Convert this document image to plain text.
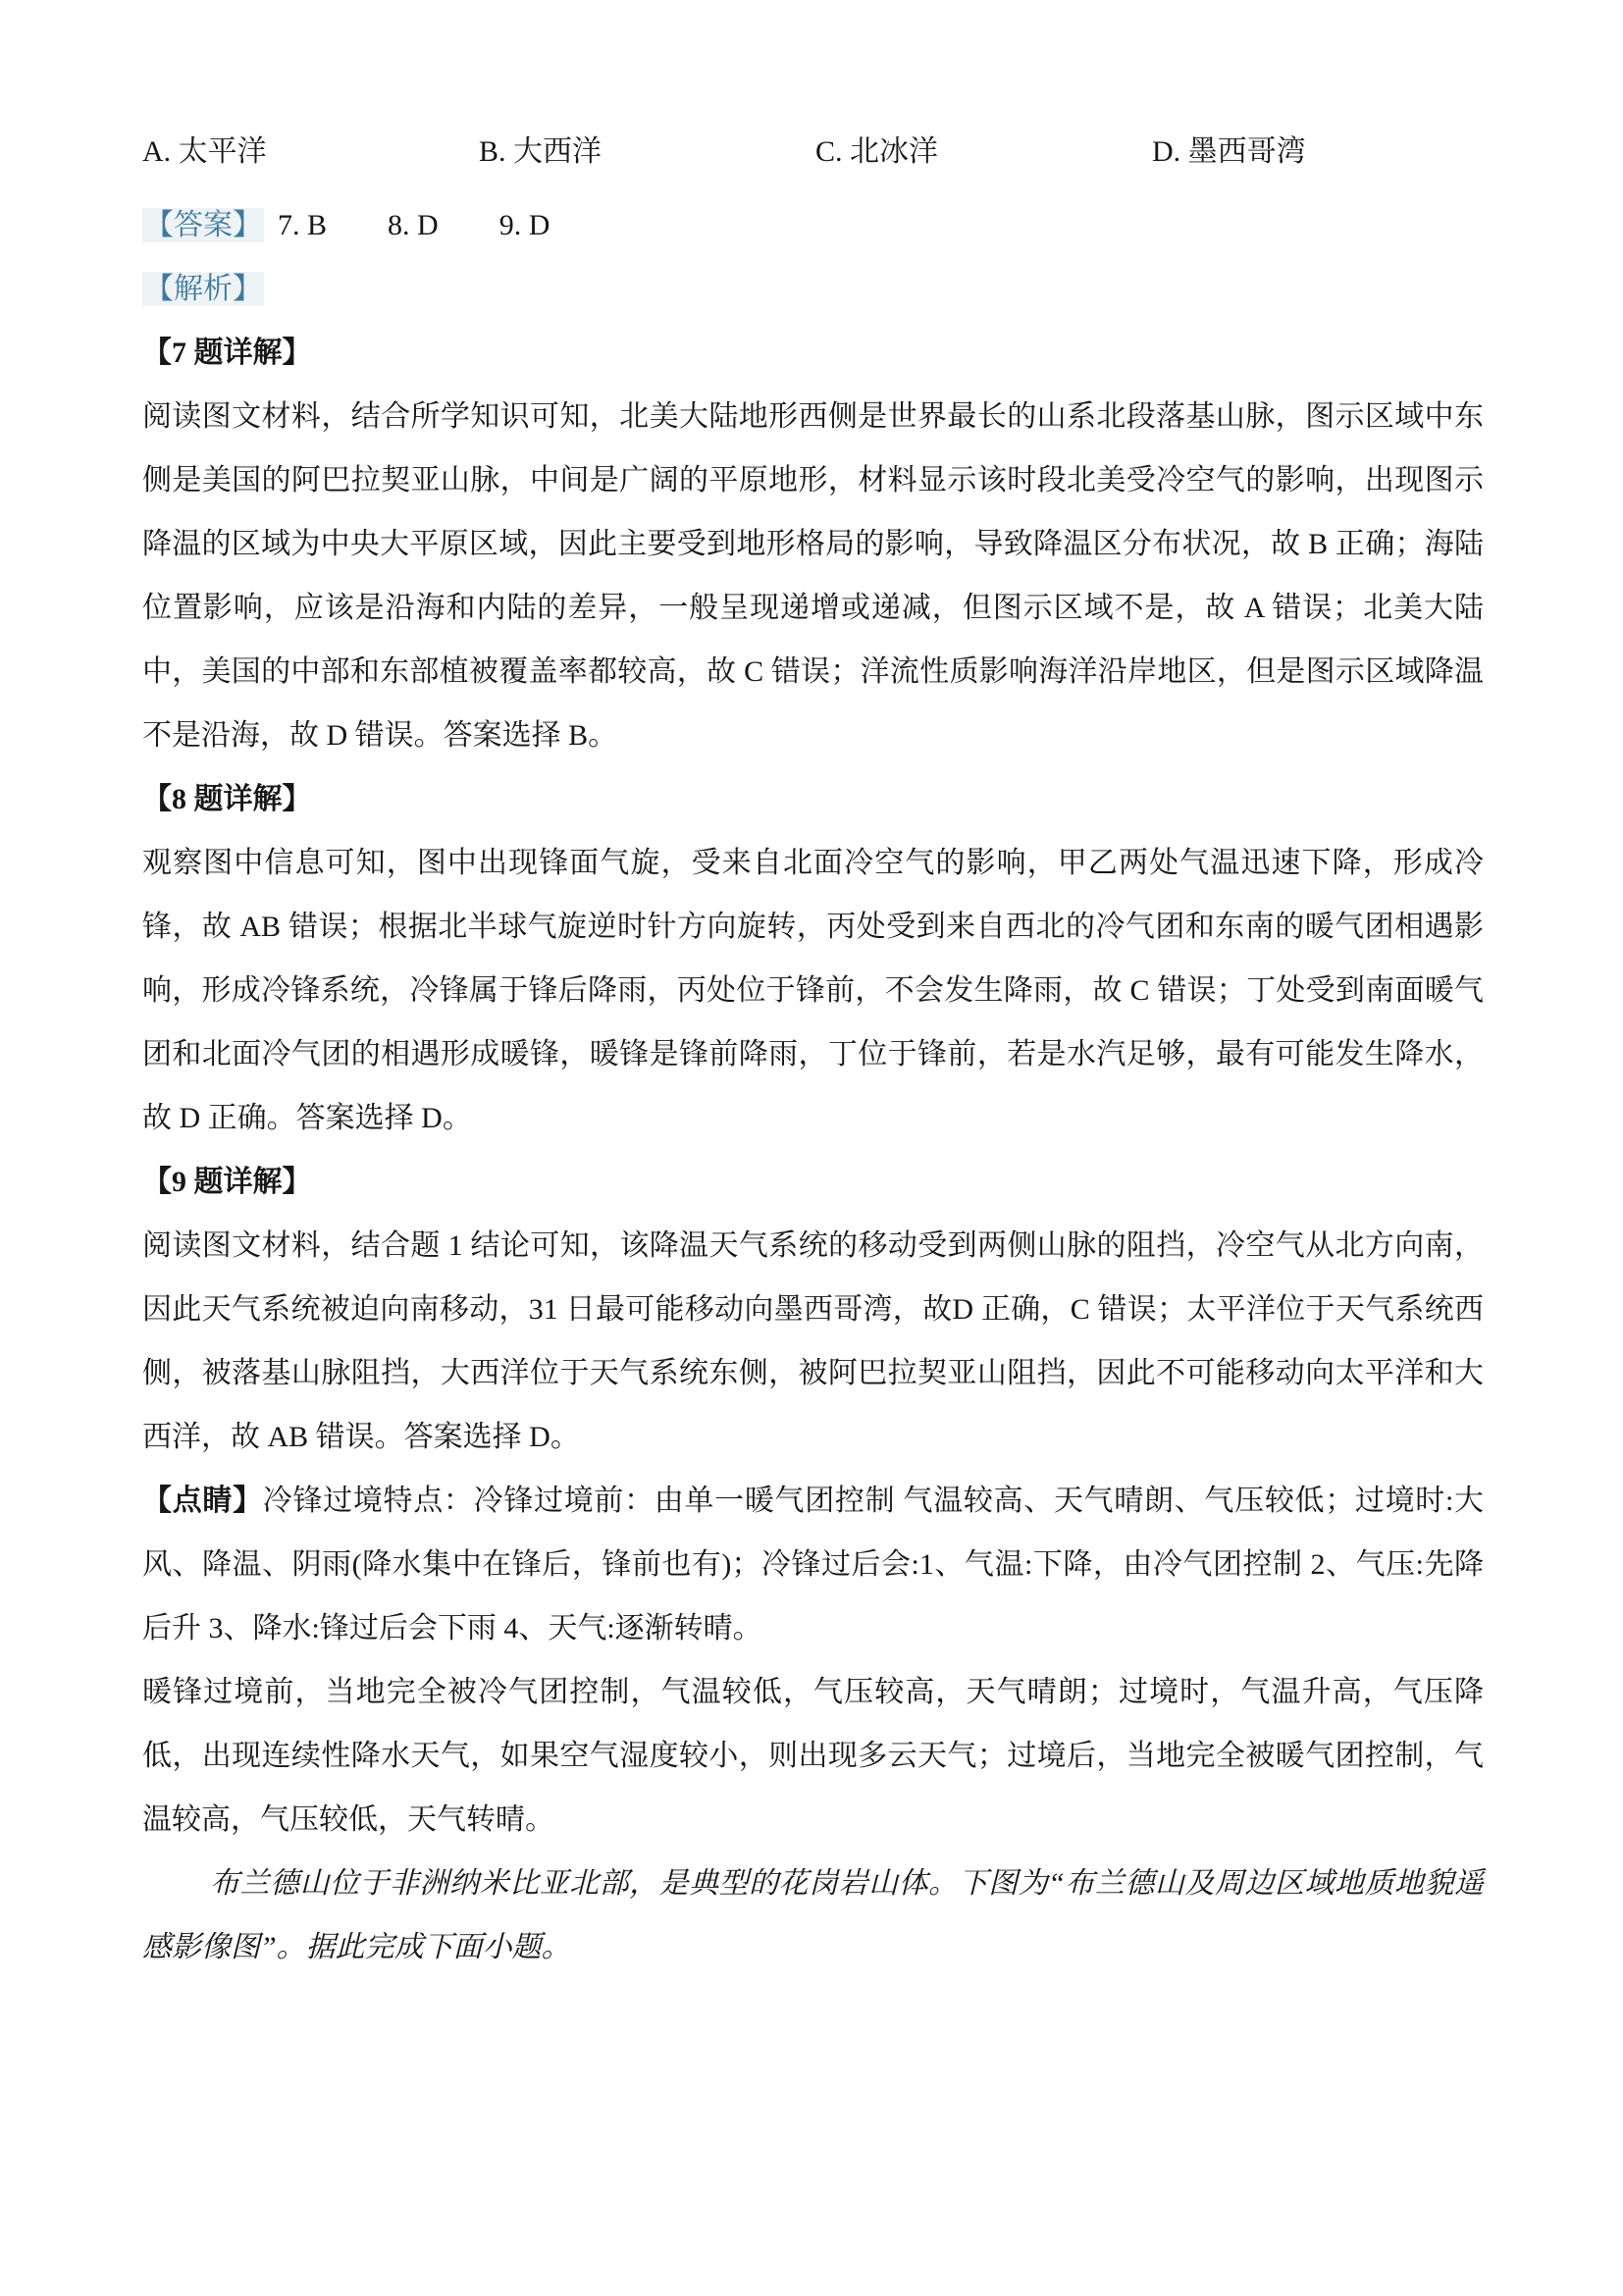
A. 太平洋	B. 大西洋	C. 北冰洋	D. 墨西哥湾
【答案】 7. B 8. D 9. D
【解析】
【7 题详解】

阅读图文材料，结合所学知识可知，北美大陆地形西侧是世界最长的山系北段落基山脉，图示区域中东侧是美国的阿巴拉契亚山脉，中间是广阔的平原地形，材料显示该时段北美受冷空气的影响，出现图示降温的区域为中央大平原区域，因此主要受到地形格局的影响，导致降温区分布状况，故 B 正确；海陆位置影响，应该是沿海和内陆的差异，一般呈现递增或递减，但图示区域不是，故 A 错误；北美大陆中，美国的中部和东部植被覆盖率都较高，故 C 错误；洋流性质影响海洋沿岸地区，但是图示区域降温不是沿海，故 D 错误。答案选择 B。

【8 题详解】

观察图中信息可知，图中出现锋面气旋，受来自北面冷空气的影响，甲乙两处气温迅速下降，形成冷锋，故 AB 错误；根据北半球气旋逆时针方向旋转，丙处受到来自西北的冷气团和东南的暖气团相遇影响，形成冷锋系统，冷锋属于锋后降雨，丙处位于锋前，不会发生降雨，故 C 错误；丁处受到南面暖气团和北面冷气团的相遇形成暖锋，暖锋是锋前降雨，丁位于锋前，若是水汽足够，最有可能发生降水，故 D 正确。答案选择 D。

【9 题详解】

阅读图文材料，结合题 1 结论可知，该降温天气系统的移动受到两侧山脉的阻挡，冷空气从北方向南，因此天气系统被迫向南移动，31 日最可能移动向墨西哥湾，故D 正确，C 错误；太平洋位于天气系统西侧，被落基山脉阻挡，大西洋位于天气系统东侧，被阿巴拉契亚山阻挡，因此不可能移动向太平洋和大西洋，故 AB 错误。答案选择 D。

【点睛】冷锋过境特点：冷锋过境前：由单一暖气团控制 气温较高、天气晴朗、气压较低；过境时:大风、降温、阴雨(降水集中在锋后，锋前也有)；冷锋过后会:1、气温:下降，由冷气团控制 2、气压:先降后升 3、降水:锋过后会下雨 4、天气:逐渐转晴。

暖锋过境前，当地完全被冷气团控制，气温较低，气压较高，天气晴朗；过境时，气温升高，气压降低，出现连续性降水天气，如果空气湿度较小，则出现多云天气；过境后，当地完全被暖气团控制，气温较高，气压较低，天气转晴。

布兰德山位于非洲纳米比亚北部，是典型的花岗岩山体。下图为“布兰德山及周边区域地质地貌遥感影像图”。据此完成下面小题。
